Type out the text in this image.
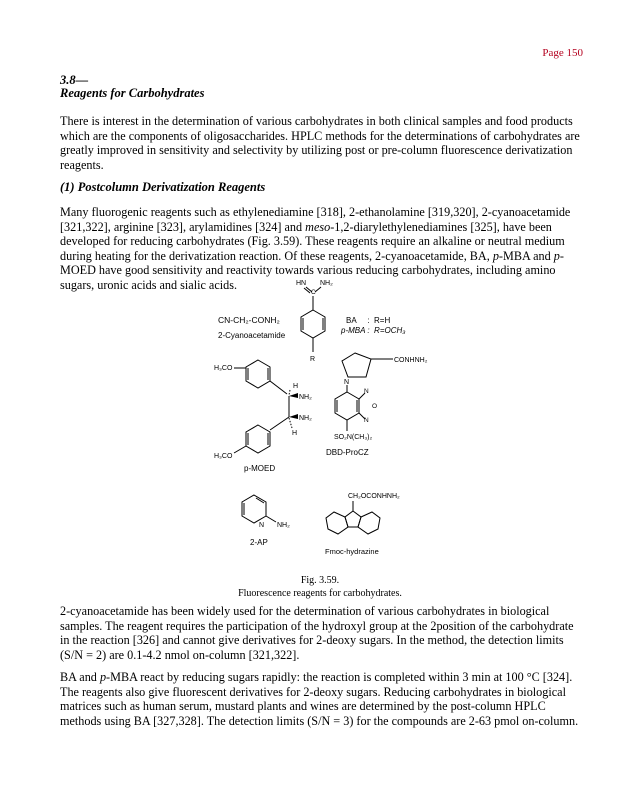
Page 150
3.8—
Reagents for Carbohydrates

There is interest in the determination of various carbohydrates in both clinical samples and food products which are the components of oligosaccharides. HPLC methods for the determinations of carbohydrates are greatly improved in sensitivity and selectivity by utilizing post or pre-column fluorescence derivatization reagents.

(1) Postcolumn Derivatization Reagents

Many fluorogenic reagents such as ethylenediamine [318], 2-ethanolamine [319,320], 2-cyanoacetamide [321,322], arginine [323], arylamidines [324] and meso-1,2-diarylethylenediamines [325], have been developed for reducing carbohydrates (Fig. 3.59). These reagents require an alkaline or neutral medium during heating for the derivatization reaction. Of these reagents, 2-cyanoacetamide, BA, p-MBA and p-MOED have good sensitivity and reactivity towards various reducing carbohydrates, including amino sugars, uronic acids and sialic acids.

CN-CH₂-CONH₂
2-Cyanoacetamide
HN NH₂
C
R
BA     :  R=H
p-MBA :  R=OCH₃
H₃CO
H
NH₂
NH₂
H
H₃CO
p-MOED
CONHNH₂
N
N
O
N
SO₂N(CH₃)₂
DBD-ProCZ
N NH₂
2-AP
CH₂OCONHNH₂
Fmoc-hydrazine
Fig. 3.59.
Fluorescence reagents for carbohydrates.

2-cyanoacetamide has been widely used for the determination of various carbohydrates in biological samples. The reagent requires the participation of the hydroxyl group at the 2position of the carbohydrate in the reaction [326] and cannot give derivatives for 2-deoxy sugars. In the method, the detection limits (S/N = 2) are 0.1-4.2 nmol on-column [321,322].

BA and p-MBA react by reducing sugars rapidly: the reaction is completed within 3 min at 100 °C [324]. The reagents also give fluorescent derivatives for 2-deoxy sugars. Reducing carbohydrates in biological matrices such as human serum, mustard plants and wines are determined by the post-column HPLC methods using BA [327,328]. The detection limits (S/N = 3) for the compounds are 2-63 pmol on-column.
